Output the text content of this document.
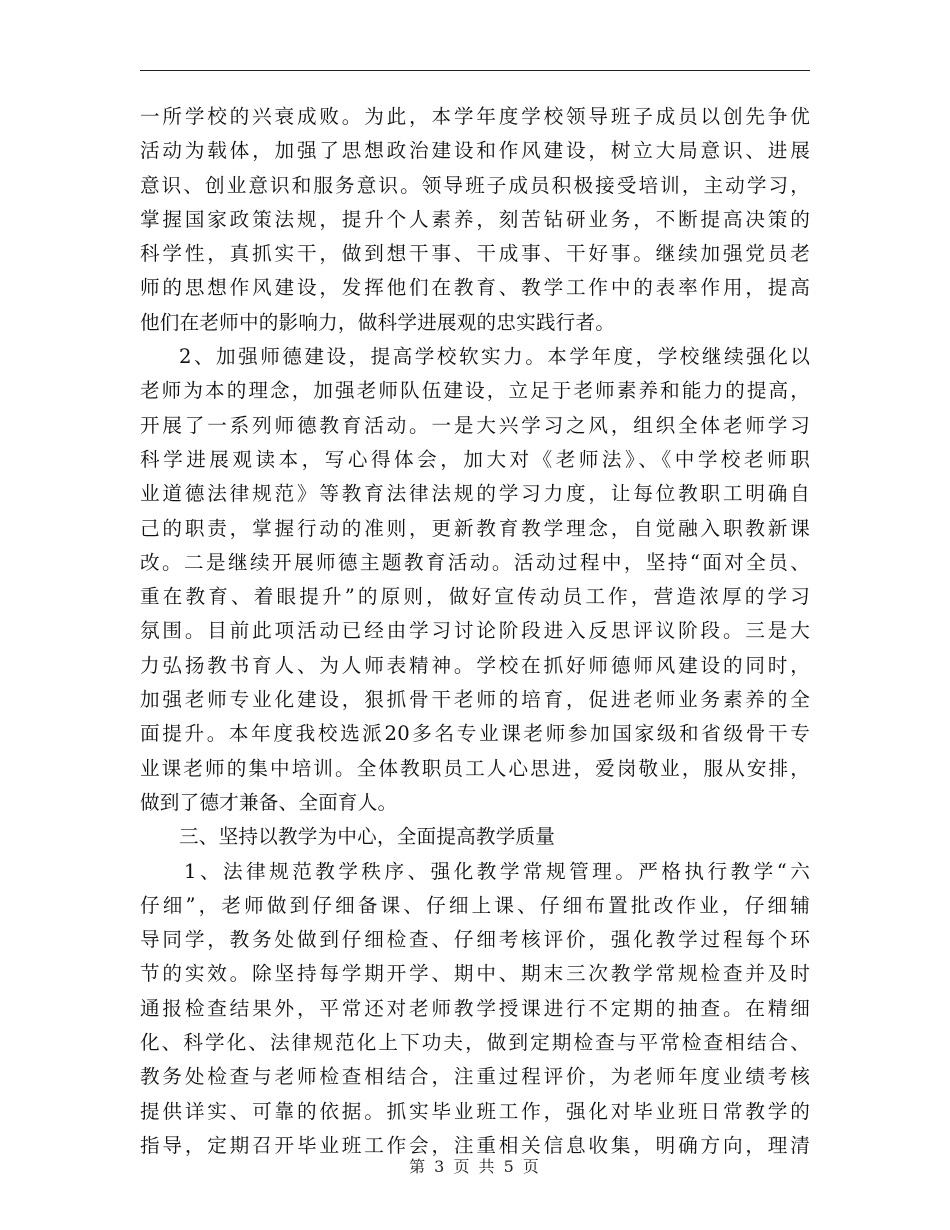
一所学校的兴衰成败。为此，本学年度学校领导班子成员以创先争优
活动为载体，加强了思想政治建设和作风建设，树立大局意识、进展
意识、创业意识和服务意识。领导班子成员积极接受培训，主动学习，
掌握国家政策法规，提升个人素养，刻苦钻研业务，不断提高决策的
科学性，真抓实干，做到想干事、干成事、干好事。继续加强党员老
师的思想作风建设，发挥他们在教育、教学工作中的表率作用，提高
他们在老师中的影响力，做科学进展观的忠实践行者。
2、加强师德建设，提高学校软实力。本学年度，学校继续强化以
老师为本的理念，加强老师队伍建设，立足于老师素养和能力的提高，
开展了一系列师德教育活动。一是大兴学习之风，组织全体老师学习
科学进展观读本，写心得体会，加大对《老师法》、《中学校老师职
业道德法律规范》等教育法律法规的学习力度，让每位教职工明确自
己的职责，掌握行动的准则，更新教育教学理念，自觉融入职教新课
改。二是继续开展师德主题教育活动。活动过程中，坚持“面对全员、
重在教育、着眼提升”的原则，做好宣传动员工作，营造浓厚的学习
氛围。目前此项活动已经由学习讨论阶段进入反思评议阶段。三是大
力弘扬教书育人、为人师表精神。学校在抓好师德师风建设的同时，
加强老师专业化建设，狠抓骨干老师的培育，促进老师业务素养的全
面提升。本年度我校选派20多名专业课老师参加国家级和省级骨干专
业课老师的集中培训。全体教职员工人心思进，爱岗敬业，服从安排，
做到了德才兼备、全面育人。
三、坚持以教学为中心，全面提高教学质量
1、法律规范教学秩序、强化教学常规管理。严格执行教学“六
仔细”，老师做到仔细备课、仔细上课、仔细布置批改作业，仔细辅
导同学，教务处做到仔细检查、仔细考核评价，强化教学过程每个环
节的实效。除坚持每学期开学、期中、期末三次教学常规检查并及时
通报检查结果外，平常还对老师教学授课进行不定期的抽查。在精细
化、科学化、法律规范化上下功夫，做到定期检查与平常检查相结合、
教务处检查与老师检查相结合，注重过程评价，为老师年度业绩考核
提供详实、可靠的依据。抓实毕业班工作，强化对毕业班日常教学的
指导，定期召开毕业班工作会，注重相关信息收集，明确方向，理清
第 3 页 共 5 页
